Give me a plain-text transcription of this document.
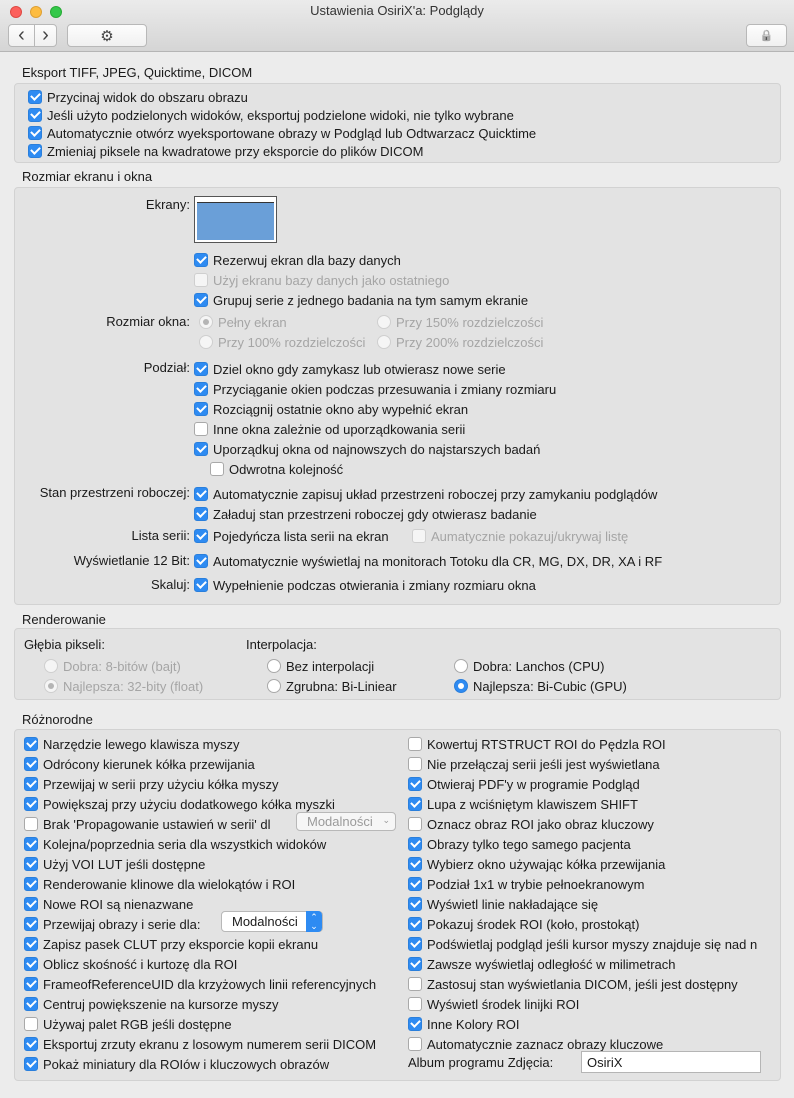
Ustawienia OsiriX'a: Podglądy
‹ ›	⚙	🔒
Eksport TIFF, JPEG, Quicktime, DICOM
Przycinaj widok do obszaru obrazu
Jeśli użyto podzielonych widoków, eksportuj podzielone widoki, nie tylko wybrane
Automatycznie otwórz wyeksportowane obrazy w Podgląd lub Odtwarzacz Quicktime
Zmieniaj piksele na kwadratowe przy eksporcie do plików DICOM
Rozmiar ekranu i okna
Ekrany:
Rezerwuj ekran dla bazy danych
Użyj ekranu bazy danych jako ostatniego
Grupuj serie z jednego badania na tym samym ekranie
Rozmiar okna: Pełny ekran	Przy 150% rozdzielczości
Przy 100% rozdzielczości Przy 200% rozdzielczości
Podział: Dziel okno gdy zamykasz lub otwierasz nowe serie
Przyciąganie okien podczas przesuwania i zmiany rozmiaru
Rozciągnij ostatnie okno aby wypełnić ekran
Inne okna zależnie od uporządkowania serii
Uporządkuj okna od najnowszych do najstarszych badań
Odwrotna kolejność
Stan przestrzeni roboczej: Automatycznie zapisuj układ przestrzeni roboczej przy zamykaniu podglądów
Załaduj stan przestrzeni roboczej gdy otwierasz badanie
Lista serii: Pojedyńcza lista serii na ekran	Aumatycznie pokazuj/ukrywaj listę
Wyświetlanie 12 Bit: Automatycznie wyświetlaj na monitorach Totoku dla CR, MG, DX, DR, XA i RF
Skaluj: Wypełnienie podczas otwierania i zmiany rozmiaru okna
Renderowanie
Głębia pikseli:
Dobra: 8-bitów (bajt)
Najlepsza: 32-bity (float)
Interpolacja:
Bez interpolacji	Dobra: Lanchos (CPU)
Zgrubna: Bi-Liniear	Najlepsza: Bi-Cubic (GPU)
Różnorodne
Narzędzie lewego klawisza myszy
Odrócony kierunek kółka przewijania
Przewijaj w serii przy użyciu kółka myszy
Powiększaj przy użyciu dodatkowego kółka myszki
Brak 'Propagowanie ustawień w serii' dl
Kolejna/poprzednia seria dla wszystkich widoków
Użyj VOI LUT jeśli dostępne
Renderowanie klinowe dla wielokątów i ROI
Nowe ROI są nienazwane
Przewijaj obrazy i serie dla:
Zapisz pasek CLUT przy eksporcie kopii ekranu
Oblicz skośność i kurtozę dla ROI
FrameofReferenceUID dla krzyżowych linii referencyjnych
Centruj powiększenie na kursorze myszy
Używaj palet RGB jeśli dostępne
Eksportuj zrzuty ekranu z losowym numerem serii DICOM
Pokaż miniatury dla ROIów i kluczowych obrazów
Kowertuj RTSTRUCT ROI do Pędzla ROI
Nie przełączaj serii jeśli jest wyświetlana
Otwieraj PDF'y w programie Podgląd
Lupa z wciśniętym klawiszem SHIFT
Oznacz obraz ROI jako obraz kluczowy
Obrazy tylko tego samego pacjenta
Wybierz okno używając kółka przewijania
Podział 1x1 w trybie pełnoekranowym
Wyświetl linie nakładające się
Pokazuj środek ROI (koło, prostokąt)
Podświetlaj podgląd jeśli kursor myszy znajduje się nad n
Zawsze wyświetlaj odległość w milimetrach
Zastosuj stan wyświetlania DICOM, jeśli jest dostępny
Wyświetl środek linijki ROI
Inne Kolory ROI
Automatycznie zaznacz obrazy kluczowe
Modalności ⌄
Modalności	⌃
⌄
Album programu Zdjęcia:	OsiriX
